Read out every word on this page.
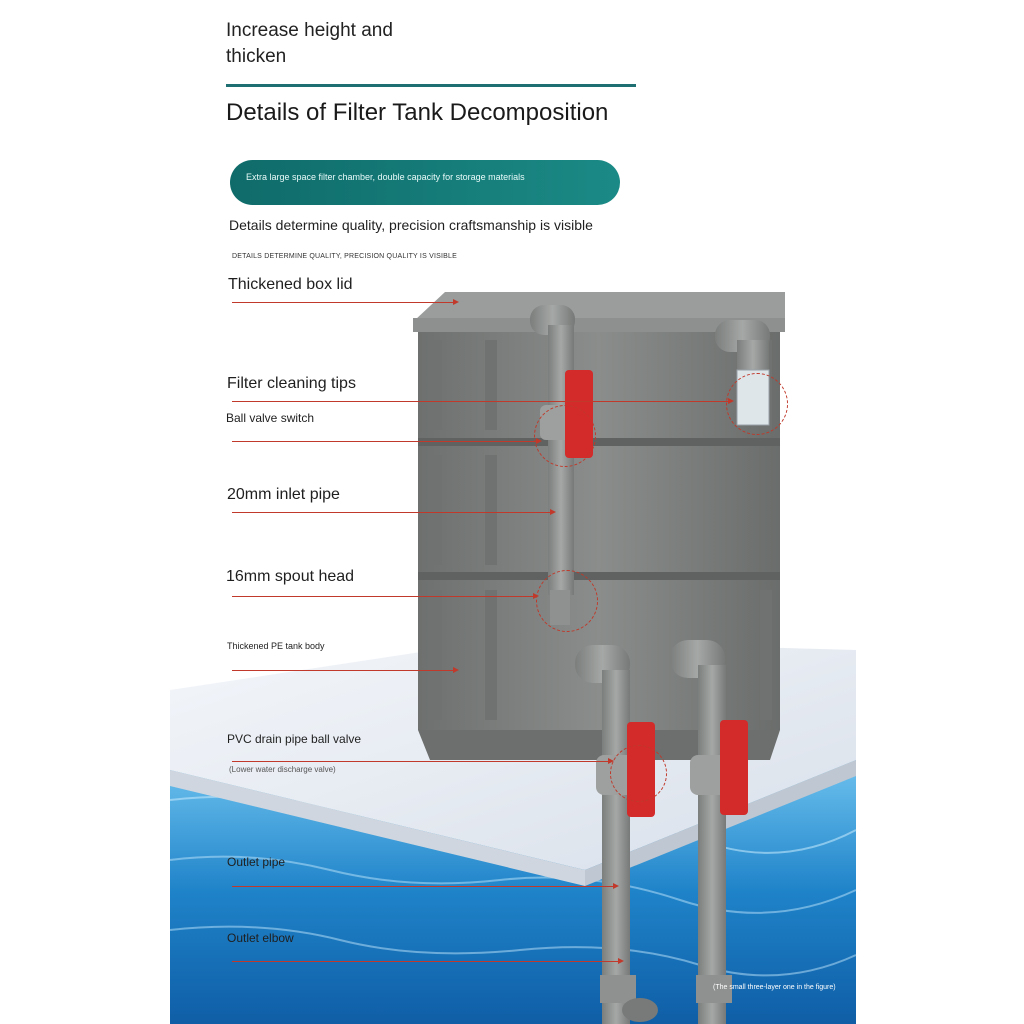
Increase height and
thicken
Details of Filter Tank Decomposition
Extra large space filter chamber, double capacity for storage materials
Details determine quality, precision craftsmanship is visible
DETAILS DETERMINE QUALITY, PRECISION QUALITY IS VISIBLE
Thickened box lid
Filter cleaning tips
Ball valve switch
20mm inlet pipe
16mm spout head
Thickened PE tank body
PVC drain pipe ball valve
(Lower water discharge valve)
Outlet pipe
Outlet elbow
(The small three-layer one in the figure)
